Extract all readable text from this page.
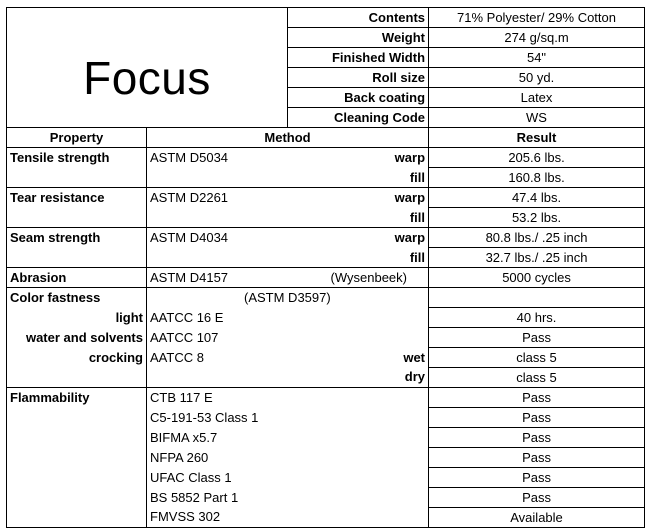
Focus		Contents	71% Polyester/ 29% Cotton
		Weight	274 g/sq.m
		Finished Width	54"
		Roll size	50 yd.
		Back coating	Latex
		Cleaning Code	WS
Property	Method		Result
Tensile strength	ASTM D5034	warp	205.6 lbs.
		fill	160.8 lbs.
Tear resistance	ASTM D2261	warp	47.4 lbs.
		fill	53.2 lbs.
Seam strength	ASTM D4034	warp	80.8 lbs./ .25 inch
		fill	32.7 lbs./ .25 inch
Abrasion	ASTM D4157	(Wysenbeek)	5000 cycles
Color fastness	(ASTM D3597)		
light	AATCC 16 E		40 hrs.
water and solvents	AATCC 107		Pass
crocking	AATCC 8	wet	class 5
		dry	class 5
Flammability	CTB 117 E		Pass
	C5-191-53 Class 1		Pass
	BIFMA x5.7		Pass
	NFPA 260		Pass
	UFAC Class 1		Pass
	BS 5852 Part 1		Pass
	FMVSS 302		Available
